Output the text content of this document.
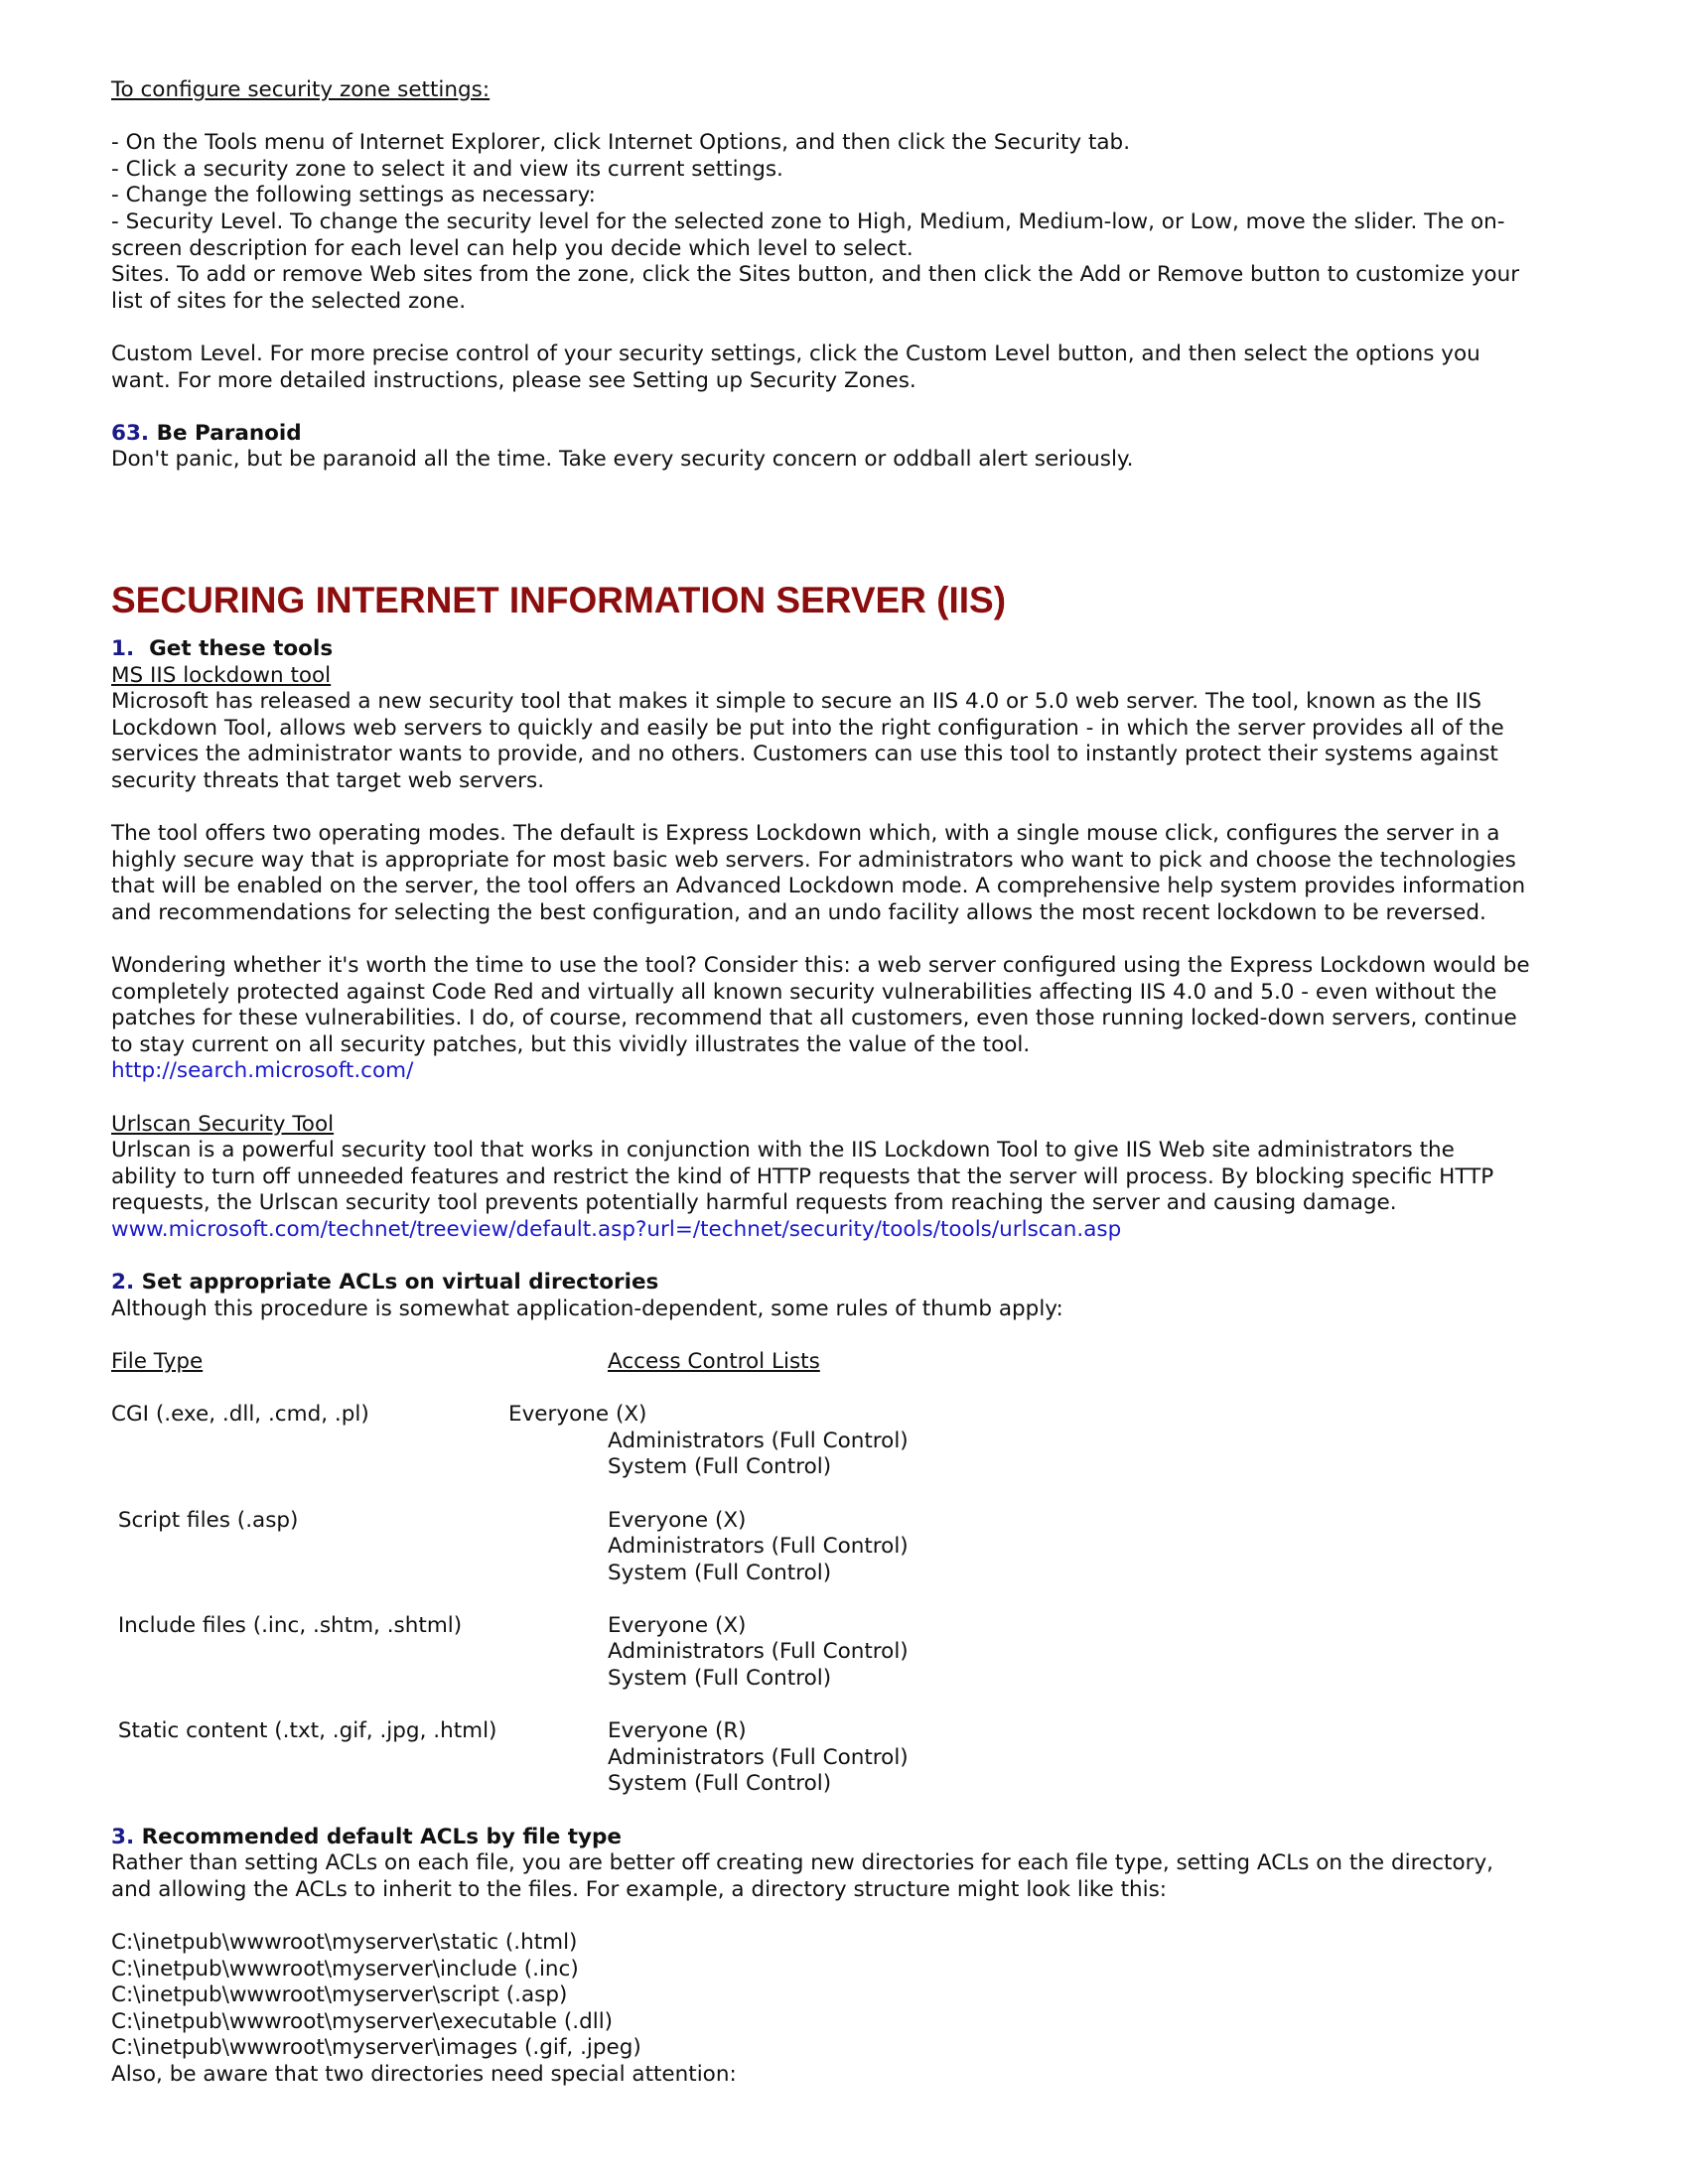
To configure security zone settings:
- On the Tools menu of Internet Explorer, click Internet Options, and then click the Security tab.
- Click a security zone to select it and view its current settings.
- Change the following settings as necessary:
- Security Level. To change the security level for the selected zone to High, Medium, Medium-low, or Low, move the slider. The on-
screen description for each level can help you decide which level to select.
Sites. To add or remove Web sites from the zone, click the Sites button, and then click the Add or Remove button to customize your
list of sites for the selected zone.
Custom Level. For more precise control of your security settings, click the Custom Level button, and then select the options you
want. For more detailed instructions, please see Setting up Security Zones.
63. Be Paranoid
Don't panic, but be paranoid all the time. Take every security concern or oddball alert seriously.
SECURING INTERNET INFORMATION SERVER (IIS)
1.  Get these tools
MS IIS lockdown tool
Microsoft has released a new security tool that makes it simple to secure an IIS 4.0 or 5.0 web server. The tool, known as the IIS
Lockdown Tool, allows web servers to quickly and easily be put into the right configuration - in which the server provides all of the
services the administrator wants to provide, and no others. Customers can use this tool to instantly protect their systems against
security threats that target web servers.
The tool offers two operating modes. The default is Express Lockdown which, with a single mouse click, configures the server in a
highly secure way that is appropriate for most basic web servers. For administrators who want to pick and choose the technologies
that will be enabled on the server, the tool offers an Advanced Lockdown mode. A comprehensive help system provides information
and recommendations for selecting the best configuration, and an undo facility allows the most recent lockdown to be reversed.
Wondering whether it's worth the time to use the tool? Consider this: a web server configured using the Express Lockdown would be
completely protected against Code Red and virtually all known security vulnerabilities affecting IIS 4.0 and 5.0 - even without the
patches for these vulnerabilities. I do, of course, recommend that all customers, even those running locked-down servers, continue
to stay current on all security patches, but this vividly illustrates the value of the tool.
http://search.microsoft.com/
Urlscan Security Tool
Urlscan is a powerful security tool that works in conjunction with the IIS Lockdown Tool to give IIS Web site administrators the
ability to turn off unneeded features and restrict the kind of HTTP requests that the server will process. By blocking specific HTTP
requests, the Urlscan security tool prevents potentially harmful requests from reaching the server and causing damage.
www.microsoft.com/technet/treeview/default.asp?url=/technet/security/tools/tools/urlscan.asp
2. Set appropriate ACLs on virtual directories
Although this procedure is somewhat application-dependent, some rules of thumb apply:
File Type	Access Control Lists
CGI (.exe, .dll, .cmd, .pl)	Everyone (X)
Administrators (Full Control)
System (Full Control)
Script files (.asp)	Everyone (X)
Administrators (Full Control)
System (Full Control)
Include files (.inc, .shtm, .shtml)	Everyone (X)
Administrators (Full Control)
System (Full Control)
Static content (.txt, .gif, .jpg, .html)	Everyone (R)
Administrators (Full Control)
System (Full Control)
3. Recommended default ACLs by file type
Rather than setting ACLs on each file, you are better off creating new directories for each file type, setting ACLs on the directory,
and allowing the ACLs to inherit to the files. For example, a directory structure might look like this:
C:\inetpub\wwwroot\myserver\static (.html)
C:\inetpub\wwwroot\myserver\include (.inc)
C:\inetpub\wwwroot\myserver\script (.asp)
C:\inetpub\wwwroot\myserver\executable (.dll)
C:\inetpub\wwwroot\myserver\images (.gif, .jpeg)
Also, be aware that two directories need special attention:
